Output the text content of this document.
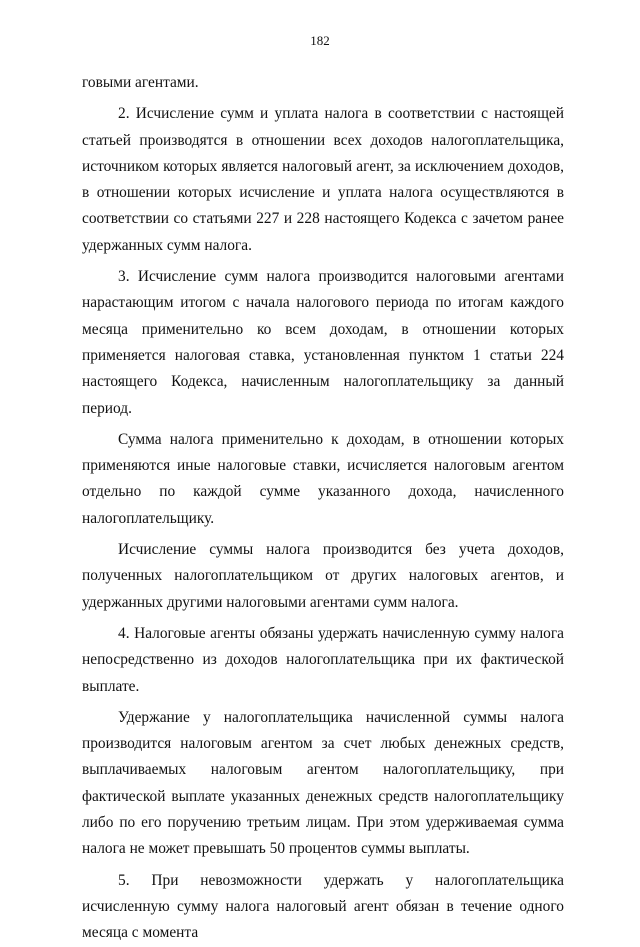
182

говыми агентами.

2. Исчисление сумм и уплата налога в соответствии с настоящей статьей производятся в отношении всех доходов налогоплательщика, источником которых является налоговый агент, за исключением доходов, в отношении которых исчисление и уплата налога осуществляются в соответствии со статьями 227 и 228 настоящего Кодекса с зачетом ранее удержанных сумм налога.

3. Исчисление сумм налога производится налоговыми агентами нарастающим итогом с начала налогового периода по итогам каждого месяца применительно ко всем доходам, в отношении которых применяется налоговая ставка, установленная пунктом 1 статьи 224 настоящего Кодекса, начисленным налогоплательщику за данный период.

Сумма налога применительно к доходам, в отношении которых применяются иные налоговые ставки, исчисляется налоговым агентом отдельно по каждой сумме указанного дохода, начисленного налогоплательщику.

Исчисление суммы налога производится без учета доходов, полученных налогоплательщиком от других налоговых агентов, и удержанных другими налоговыми агентами сумм налога.

4. Налоговые агенты обязаны удержать начисленную сумму налога непосредственно из доходов налогоплательщика при их фактической выплате.

Удержание у налогоплательщика начисленной суммы налога производится налоговым агентом за счет любых денежных средств, выплачиваемых налоговым агентом налогоплательщику, при фактической выплате указанных денежных средств налогоплательщику либо по его поручению третьим лицам. При этом удерживаемая сумма налога не может превышать 50 процентов суммы выплаты.

5. При невозможности удержать у налогоплательщика исчисленную сумму налога налоговый агент обязан в течение одного месяца с момента
